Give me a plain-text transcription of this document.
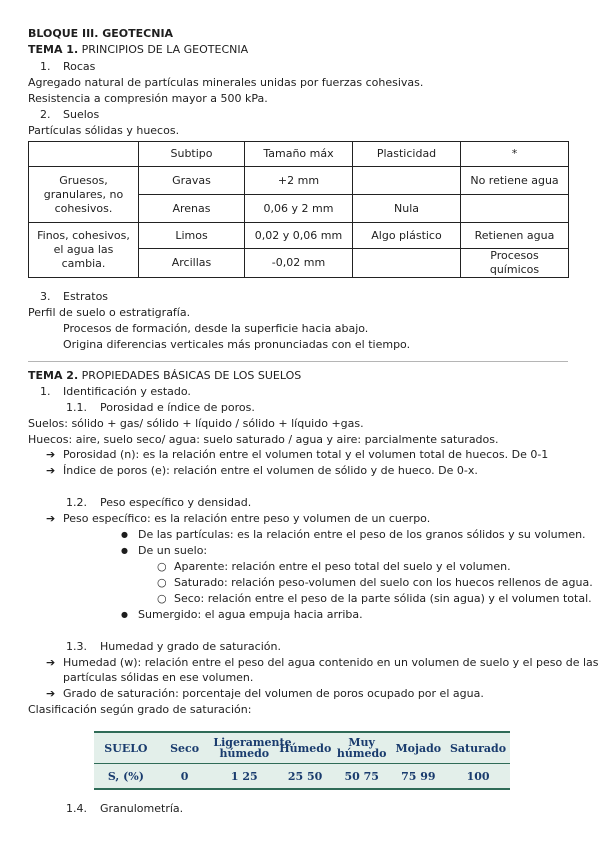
BLOQUE III. GEOTECNIA
TEMA 1. PRINCIPIOS DE LA GEOTECNIA
1. Rocas
Agregado natural de partículas minerales unidas por fuerzas cohesivas.
Resistencia a compresión mayor a 500 kPa.
2. Suelos
Partículas sólidas y huecos.
	Subtipo	Tamaño máx	Plasticidad	*
Gruesos, granulares, no cohesivos.	Gravas	+2 mm		No retiene agua
	Arenas	0,06 y 2 mm	Nula	
Finos, cohesivos, el agua las cambia.	Limos	0,02 y 0,06 mm	Algo plástico	Retienen agua
	Arcillas	-0,02 mm		Procesos químicos
3. Estratos
Perfil de suelo o estratigrafía.
Procesos de formación, desde la superficie hacia abajo.
Origina diferencias verticales más pronunciadas con el tiempo.
TEMA 2. PROPIEDADES BÁSICAS DE LOS SUELOS
1. Identificación y estado.
1.1. Porosidad e índice de poros.
Suelos: sólido + gas/ sólido + líquido / sólido + líquido +gas.
Huecos: aire, suelo seco/ agua: suelo saturado / agua y aire: parcialmente saturados.
➔ Porosidad (n): es la relación entre el volumen total y el volumen total de huecos. De 0-1
➔ Índice de poros (e): relación entre el volumen de sólido y de hueco. De 0-x.
1.2. Peso específico y densidad.
➔ Peso específico: es la relación entre peso y volumen de un cuerpo.
● De las partículas: es la relación entre el peso de los granos sólidos y su volumen.
● De un suelo:
○ Aparente: relación entre el peso total del suelo y el volumen.
○ Saturado: relación peso-volumen del suelo con los huecos rellenos de agua.
○ Seco: relación entre el peso de la parte sólida (sin agua) y el volumen total.
● Sumergido: el agua empuja hacia arriba.
1.3. Humedad y grado de saturación.
➔ Humedad (w): relación entre el peso del agua contenido en un volumen de suelo y el peso de las
partículas sólidas en ese volumen.
➔ Grado de saturación: porcentaje del volumen de poros ocupado por el agua.
Clasificación según grado de saturación:
SUELO	Seco	Ligeramente húmedo	Húmedo	Muy húmedo	Mojado	Saturado
S, (%)	0	1 25	25 50	50 75	75 99	100
1.4. Granulometría.
